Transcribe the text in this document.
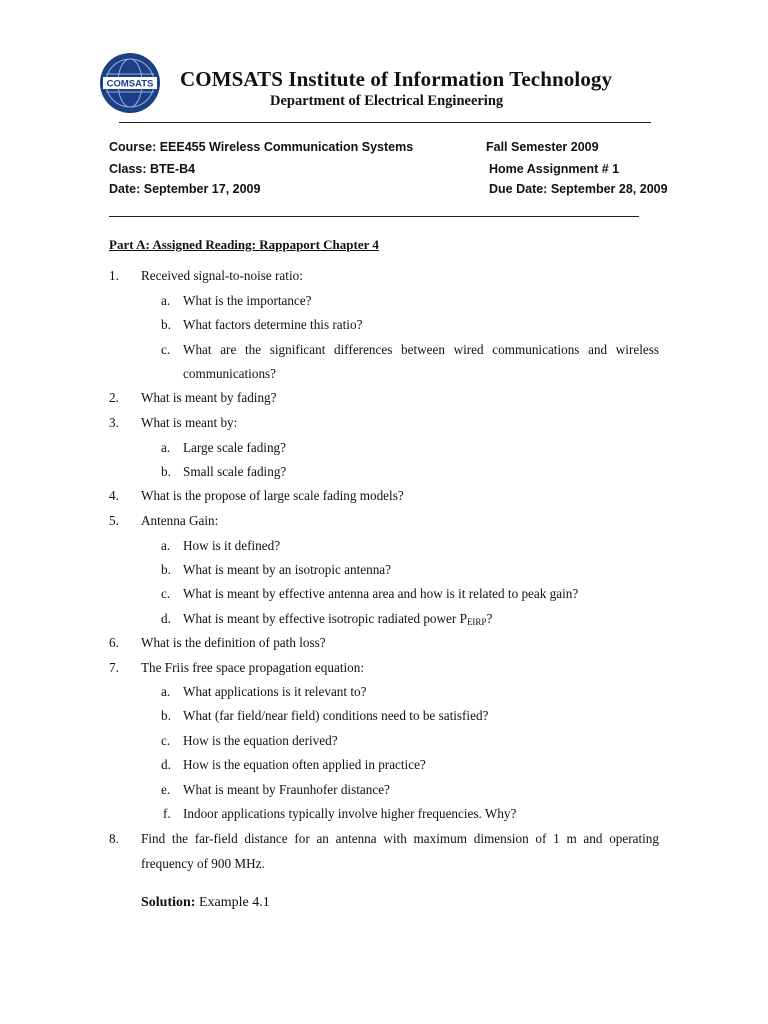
COMSATS COMSATS Institute of Information Technology
Department of Electrical Engineering
Course: EEE455 Wireless Communication Systems	Fall Semester 2009
Class: BTE-B4	Home Assignment # 1
Date: September 17, 2009	Due Date: September 28, 2009
Part A: Assigned Reading: Rappaport Chapter 4
1. Received signal-to-noise ratio:
a. What is the importance?
b. What factors determine this ratio?
c. What are the significant differences between wired communications and wireless
communications?
2. What is meant by fading?
3. What is meant by:
a. Large scale fading?
b. Small scale fading?
4. What is the propose of large scale fading models?
5. Antenna Gain:
a. How is it defined?
b. What is meant by an isotropic antenna?
c. What is meant by effective antenna area and how is it related to peak gain?
d. What is meant by effective isotropic radiated power $P_{EIRP}$?
6. What is the definition of path loss?
7. The Friis free space propagation equation:
a. What applications is it relevant to?
b. What (far field/near field) conditions need to be satisfied?
c. How is the equation derived?
d. How is the equation often applied in practice?
e. What is meant by Fraunhofer distance?
f. Indoor applications typically involve higher frequencies. Why?
8. Find the far-field distance for an antenna with maximum dimension of 1 m and operating
frequency of 900 MHz.
Solution: Example 4.1
